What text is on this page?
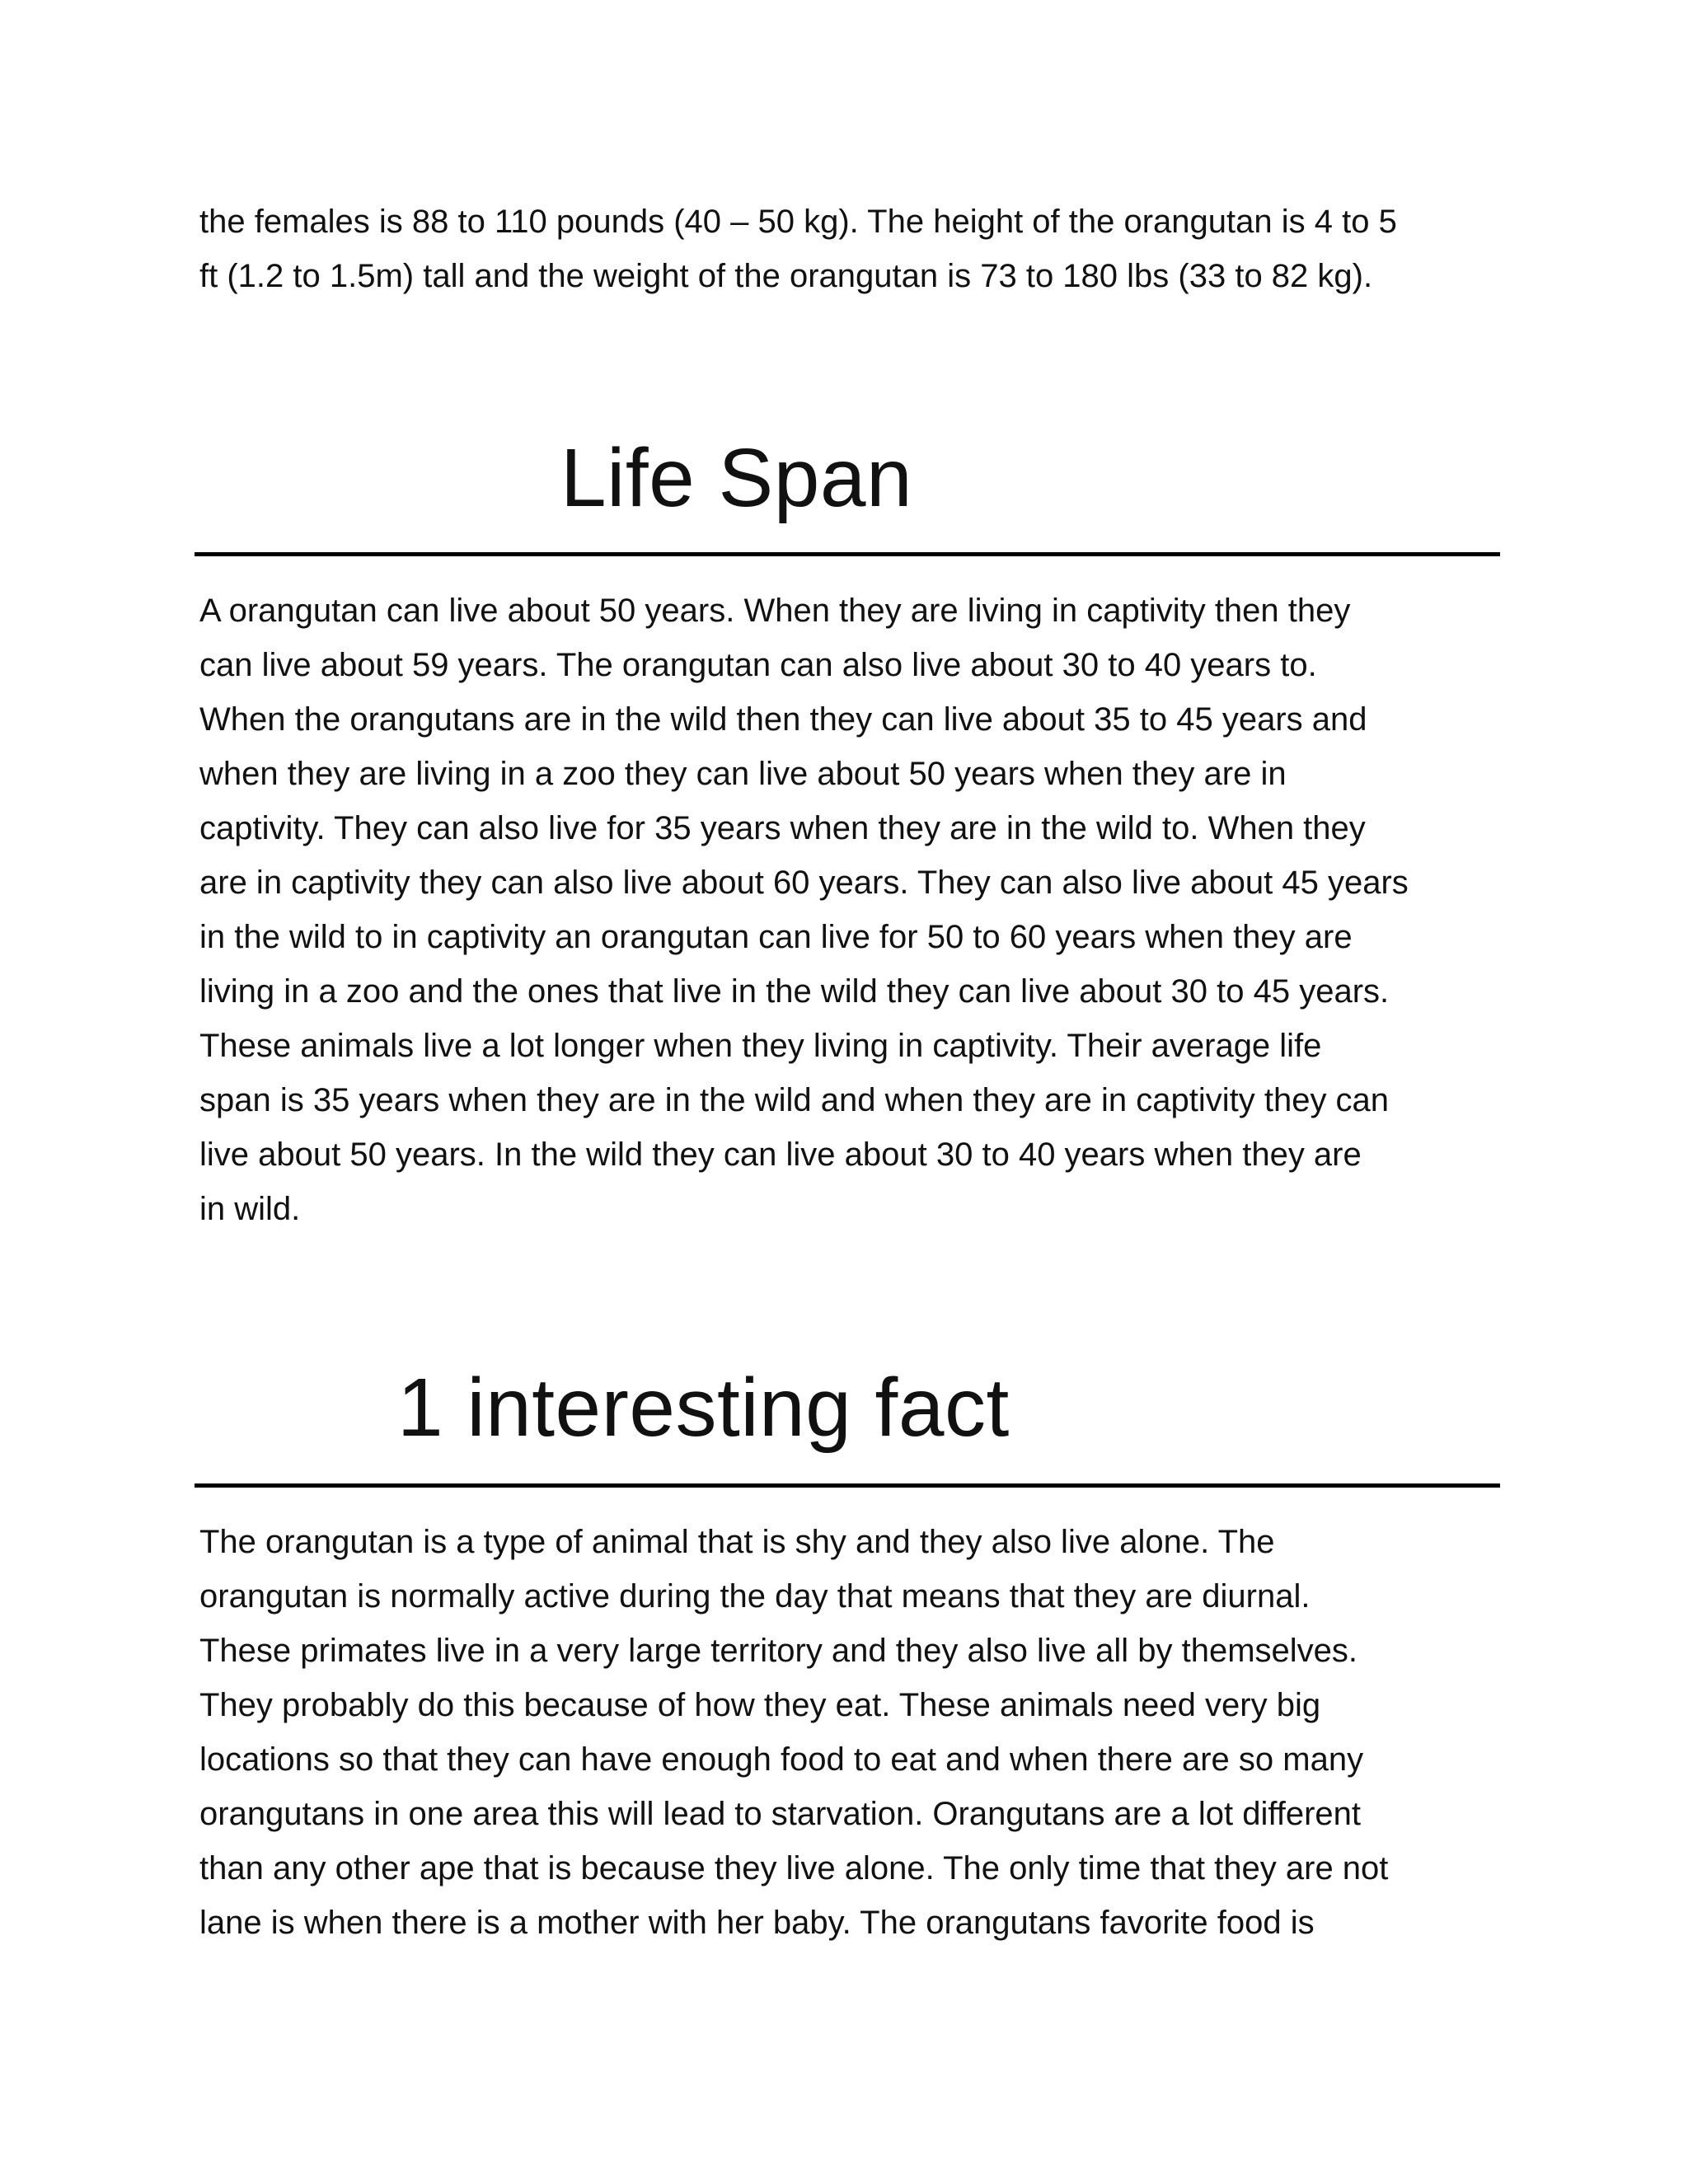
the females is 88 to 110 pounds (40 – 50 kg). The height of the orangutan is 4 to 5
ft (1.2 to 1.5m) tall and the weight of the orangutan is 73 to 180 lbs (33 to 82 kg).

Life Span

A orangutan can live about 50 years. When they are living in captivity then they
can live about 59 years. The orangutan can also live about 30 to 40 years to.
When the orangutans are in the wild then they can live about 35 to 45 years and
when they are living in a zoo they can live about 50 years when they are in
captivity. They can also live for 35 years when they are in the wild to. When they
are in captivity they can also live about 60 years. They can also live about 45 years
in the wild to in captivity an orangutan can live for 50 to 60 years when they are
living in a zoo and the ones that live in the wild they can live about 30 to 45 years.
These animals live a lot longer when they living in captivity. Their average life
span is 35 years when they are in the wild and when they are in captivity they can
live about 50 years. In the wild they can live about 30 to 40 years when they are
in wild.

1 interesting fact

The orangutan is a type of animal that is shy and they also live alone. The
orangutan is normally active during the day that means that they are diurnal.
These primates live in a very large territory and they also live all by themselves.
They probably do this because of how they eat. These animals need very big
locations so that they can have enough food to eat and when there are so many
orangutans in one area this will lead to starvation. Orangutans are a lot different
than any other ape that is because they live alone. The only time that they are not
lane is when there is a mother with her baby. The orangutans favorite food is
